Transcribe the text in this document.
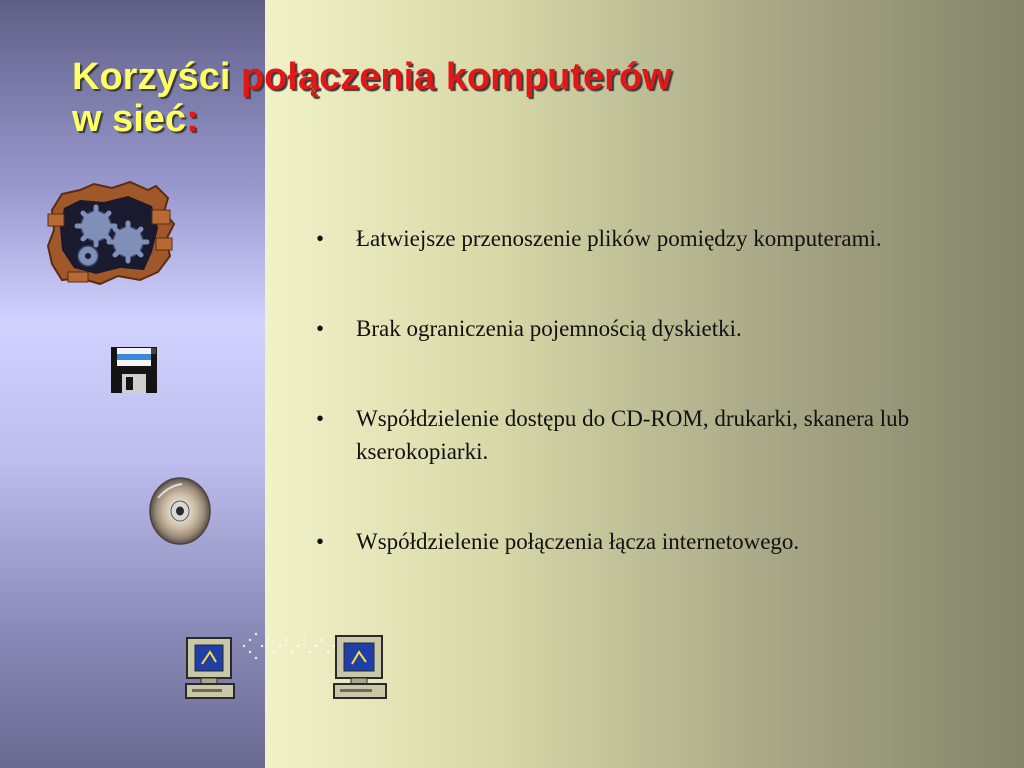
Korzyści połączenia komputerów
w sieć:
• Łatwiejsze przenoszenie plików pomiędzy komputerami.
• Brak ograniczenia pojemnością dyskietki.
• Współdzielenie dostępu do CD-ROM, drukarki, skanera lub kserokopiarki.
• Współdzielenie połączenia łącza internetowego.
